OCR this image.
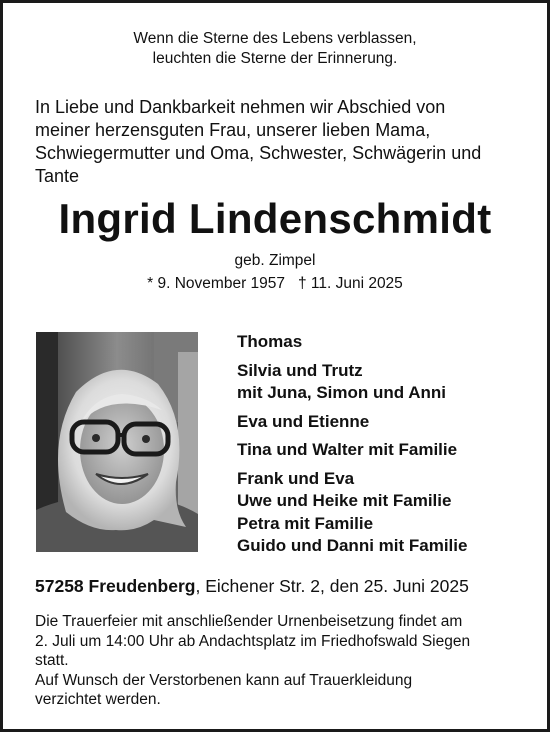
Wenn die Sterne des Lebens verblassen,
leuchten die Sterne der Erinnerung.
In Liebe und Dankbarkeit nehmen wir Abschied von
meiner herzensguten Frau, unserer lieben Mama,
Schwiegermutter und Oma, Schwester, Schwägerin und
Tante
Ingrid Lindenschmidt
geb. Zimpel
* 9. November 1957   † 11. Juni 2025
Thomas
Silvia und Trutz
mit Juna, Simon und Anni
Eva und Etienne
Tina und Walter mit Familie
Frank und Eva
Uwe und Heike mit Familie
Petra mit Familie
Guido und Danni mit Familie
57258 Freudenberg, Eichener Str. 2, den 25. Juni 2025
Die Trauerfeier mit anschließender Urnenbeisetzung findet am
2. Juli um 14:00 Uhr ab Andachtsplatz im Friedhofswald Siegen
statt.
Auf Wunsch der Verstorbenen kann auf Trauerkleidung
verzichtet werden.
